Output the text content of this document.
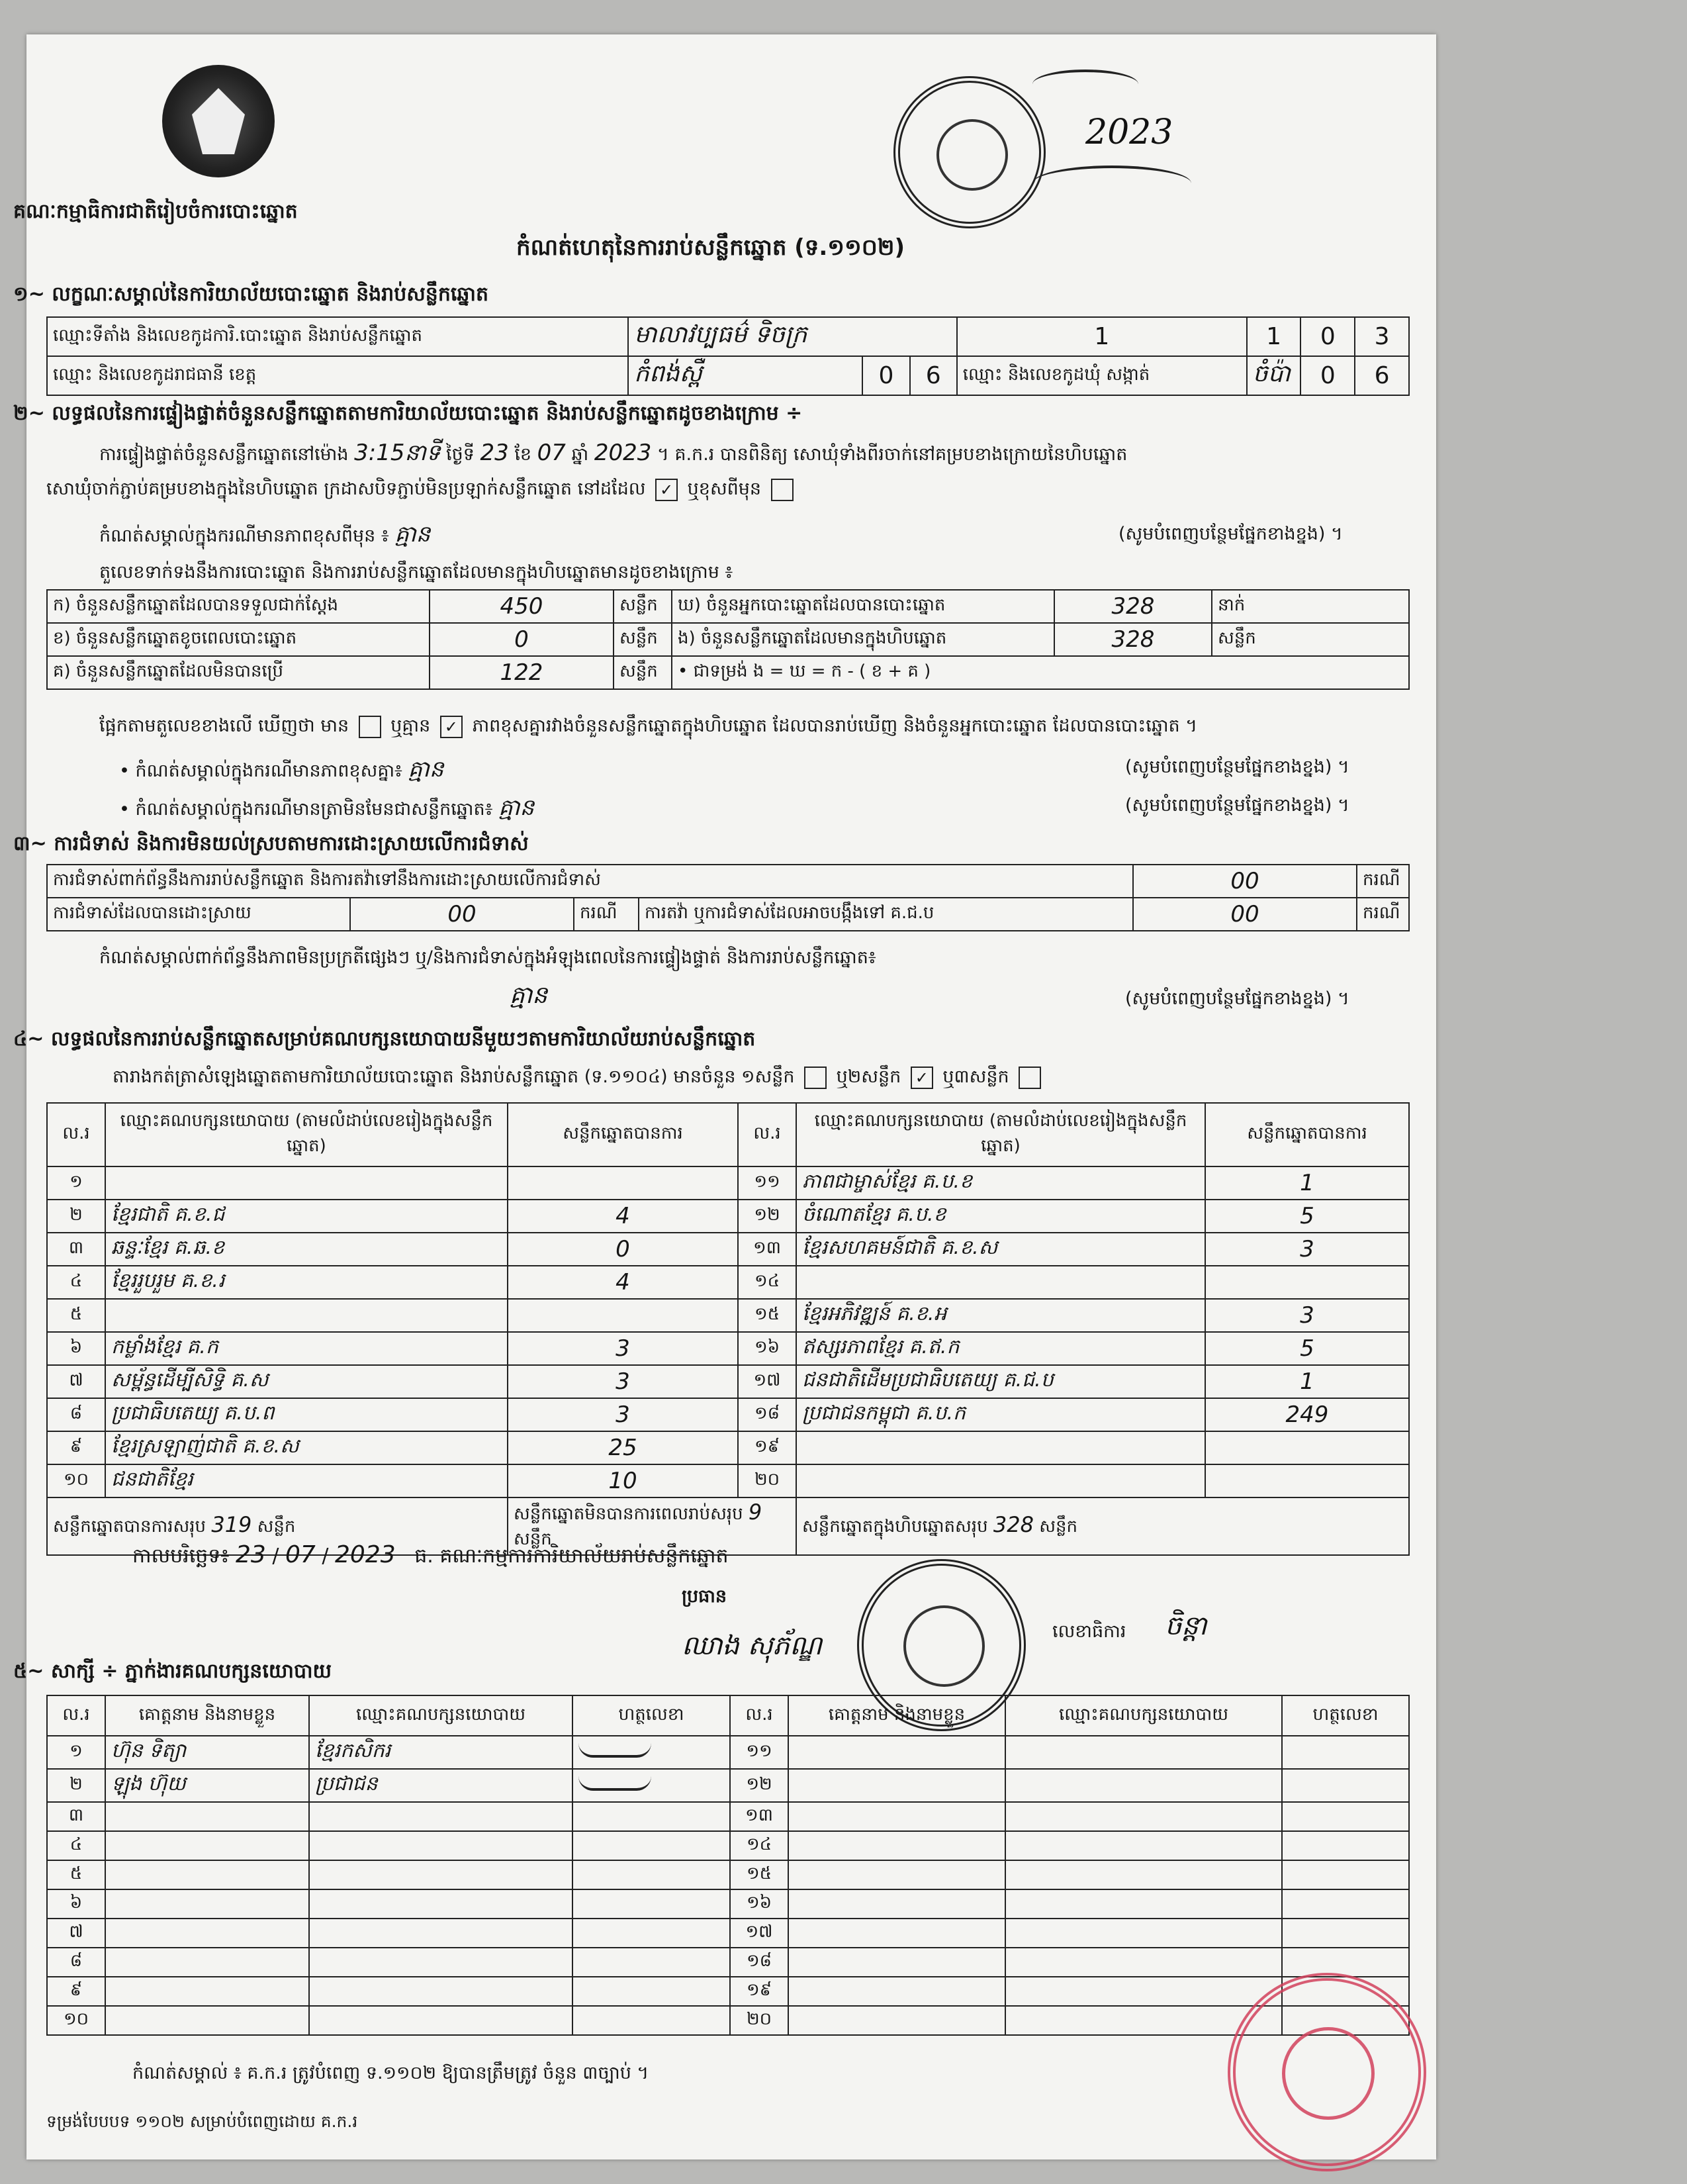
គណៈកម្មាធិការជាតិរៀបចំការបោះឆ្នោត
2023
កំណត់ហេតុនៃការរាប់សន្លឹកឆ្នោត (ទ.១១០២)
១~ លក្ខណៈសម្គាល់នៃការិយាល័យបោះឆ្នោត និងរាប់សន្លឹកឆ្នោត
ឈ្មោះទីតាំង និងលេខកូដការិ.បោះឆ្នោត និងរាប់សន្លឹកឆ្នោត	មាលាវប្បធម៌ ទិចក្រ			1	1	0	3
ឈ្មោះ និងលេខកូដរាជធានី ខេត្ត	កំពង់ស្ពឺ	0	6	ឈ្មោះ និងលេខកូដឃុំ សង្កាត់	ចំប៉ា	0	6
២~ លទ្ធផលនៃការផ្ទៀងផ្ទាត់ចំនួនសន្លឹកឆ្នោតតាមការិយាល័យបោះឆ្នោត និងរាប់សន្លឹកឆ្នោតដូចខាងក្រោម ÷
ការផ្ទៀងផ្ទាត់ចំនួនសន្លឹកឆ្នោតនៅម៉ោង 3:15នាទី ថ្ងៃទី 23 ខែ 07 ឆ្នាំ 2023 ។ គ.ក.រ បានពិនិត្យ សោឃុំទាំងពីរចាក់នៅគម្របខាងក្រោយនៃហិបឆ្នោត
សោឃុំចាក់ភ្ជាប់គម្របខាងក្នុងនៃហិបឆ្នោត ក្រដាសបិទភ្ជាប់មិនប្រឡាក់សន្លឹកឆ្នោត នៅដដែល ✓ ឬខុសពីមុន
កំណត់សម្គាល់ក្នុងករណីមានភាពខុសពីមុន ៖ គ្មាន	(សូមបំពេញបន្ថែមផ្នែកខាងខ្នង) ។
តួលេខទាក់ទងនឹងការបោះឆ្នោត និងការរាប់សន្លឹកឆ្នោតដែលមានក្នុងហិបឆ្នោតមានដូចខាងក្រោម ៖
ក) ចំនួនសន្លឹកឆ្នោតដែលបានទទួលជាក់ស្តែង	450	សន្លឹក	ឃ) ចំនួនអ្នកបោះឆ្នោតដែលបានបោះឆ្នោត	328	នាក់
ខ) ចំនួនសន្លឹកឆ្នោតខូចពេលបោះឆ្នោត	0	សន្លឹក	ង) ចំនួនសន្លឹកឆ្នោតដែលមានក្នុងហិបឆ្នោត	328	សន្លឹក
គ) ចំនួនសន្លឹកឆ្នោតដែលមិនបានប្រើ	122	សន្លឹក	• ជាទម្រង់ ង = ឃ = ក - ( ខ + គ )		
ផ្អែកតាមតួលេខខាងលើ ឃើញថា មាន ឬគ្មាន ✓ ភាពខុសគ្នារវាងចំនួនសន្លឹកឆ្នោតក្នុងហិបឆ្នោត ដែលបានរាប់ឃើញ និងចំនួនអ្នកបោះឆ្នោត ដែលបានបោះឆ្នោត ។
• កំណត់សម្គាល់ក្នុងករណីមានភាពខុសគ្នា៖ គ្មាន	(សូមបំពេញបន្ថែមផ្នែកខាងខ្នង) ។
• កំណត់សម្គាល់ក្នុងករណីមានត្រាមិនមែនជាសន្លឹកឆ្នោត៖ គ្មាន	(សូមបំពេញបន្ថែមផ្នែកខាងខ្នង) ។
៣~ ការជំទាស់ និងការមិនយល់ស្របតាមការដោះស្រាយលើការជំទាស់
ការជំទាស់ពាក់ព័ន្ធនឹងការរាប់សន្លឹកឆ្នោត និងការតវ៉ាទៅនឹងការដោះស្រាយលើការជំទាស់				00	ករណី
ការជំទាស់ដែលបានដោះស្រាយ	00	ករណី	ការតវ៉ា ឬការជំទាស់ដែលអាចបង្កឹងទៅ គ.ជ.ប	00	ករណី
កំណត់សម្គាល់ពាក់ព័ន្ធនឹងភាពមិនប្រក្រតីផ្សេងៗ ឬ/និងការជំទាស់ក្នុងអំឡុងពេលនៃការផ្ទៀងផ្ទាត់ និងការរាប់សន្លឹកឆ្នោត៖
គ្មាន	(សូមបំពេញបន្ថែមផ្នែកខាងខ្នង) ។
៤~ លទ្ធផលនៃការរាប់សន្លឹកឆ្នោតសម្រាប់គណបក្សនយោបាយនីមួយៗតាមការិយាល័យរាប់សន្លឹកឆ្នោត
តារាងកត់ត្រាសំឡេងឆ្នោតតាមការិយាល័យបោះឆ្នោត និងរាប់សន្លឹកឆ្នោត (ទ.១១០៤) មានចំនួន ១សន្លឹក ឬ២សន្លឹក ✓ ឬ៣សន្លឹក
ល.រ	ឈ្មោះគណបក្សនយោបាយ (តាមលំដាប់លេខរៀងក្នុងសន្លឹកឆ្នោត)	សន្លឹកឆ្នោតបានការ	ល.រ	ឈ្មោះគណបក្សនយោបាយ (តាមលំដាប់លេខរៀងក្នុងសន្លឹកឆ្នោត)	សន្លឹកឆ្នោតបានការ
១			១១	ភាពជាម្ចាស់ខ្មែរ គ.ប.ខ	1
២	ខ្មែរជាតិ គ.ខ.ជ	4	១២	ចំណោតខ្មែរ គ.ប.ខ	5
៣	ឆន្ទៈខ្មែរ គ.ឆ.ខ	0	១៣	ខ្មែរសហគមន៍ជាតិ គ.ខ.ស	3
៤	ខ្មែររួបរួម គ.ខ.រ	4	១៤		
៥			១៥	ខ្មែរអភិវឌ្ឍន៍ គ.ខ.អ	3
៦	កម្លាំងខ្មែរ គ.ក	3	១៦	ឥស្សរភាពខ្មែរ គ.ឥ.ក	5
៧	សម្ព័ន្ធដើម្បីសិទ្ធិ គ.ស	3	១៧	ជនជាតិដើមប្រជាធិបតេយ្យ គ.ជ.ប	1
៨	ប្រជាធិបតេយ្យ គ.ប.ព	3	១៨	ប្រជាជនកម្ពុជា គ.ប.ក	249
៩	ខ្មែរស្រឡាញ់ជាតិ គ.ខ.ស	25	១៩		
១០	ជនជាតិខ្មែរ	10	២០		
សន្លឹកឆ្នោតបានការសរុប 319 សន្លឹក		សន្លឹកឆ្នោតមិនបានការពេលរាប់សរុប 9 សន្លឹក		សន្លឹកឆ្នោតក្នុងហិបឆ្នោតសរុប 328 សន្លឹក	
កាលបរិច្ឆេទ៖ 23 / 07 / 2023 ធ. គណៈកម្មការការិយាល័យរាប់សន្លឹកឆ្នោត
ប្រធាន
ឈាង សុភ័ណ្ឌ	លេខាធិការ ចិន្តា
៥~ សាក្សី ÷ ភ្នាក់ងារគណបក្សនយោបាយ
ល.រ	គោត្តនាម និងនាមខ្លួន	ឈ្មោះគណបក្សនយោបាយ	ហត្ថលេខា	ល.រ	គោត្តនាម និងនាមខ្លួន	ឈ្មោះគណបក្សនយោបាយ	ហត្ថលេខា
១	ហ៊ុន ទិត្យា	ខ្មែរកសិករ		១១			
២	ឡុង ហ៊ុយ	ប្រជាជន		១២			
៣				១៣			
៤				១៤			
៥				១៥			
៦				១៦			
៧				១៧			
៨				១៨			
៩				១៩			
១០				២០			
កំណត់សម្គាល់ ៖ គ.ក.រ ត្រូវបំពេញ ទ.១១០២ ឱ្យបានត្រឹមត្រូវ ចំនួន ៣ច្បាប់ ។
ទម្រង់បែបបទ ១១០២ សម្រាប់បំពេញដោយ គ.ក.រ
